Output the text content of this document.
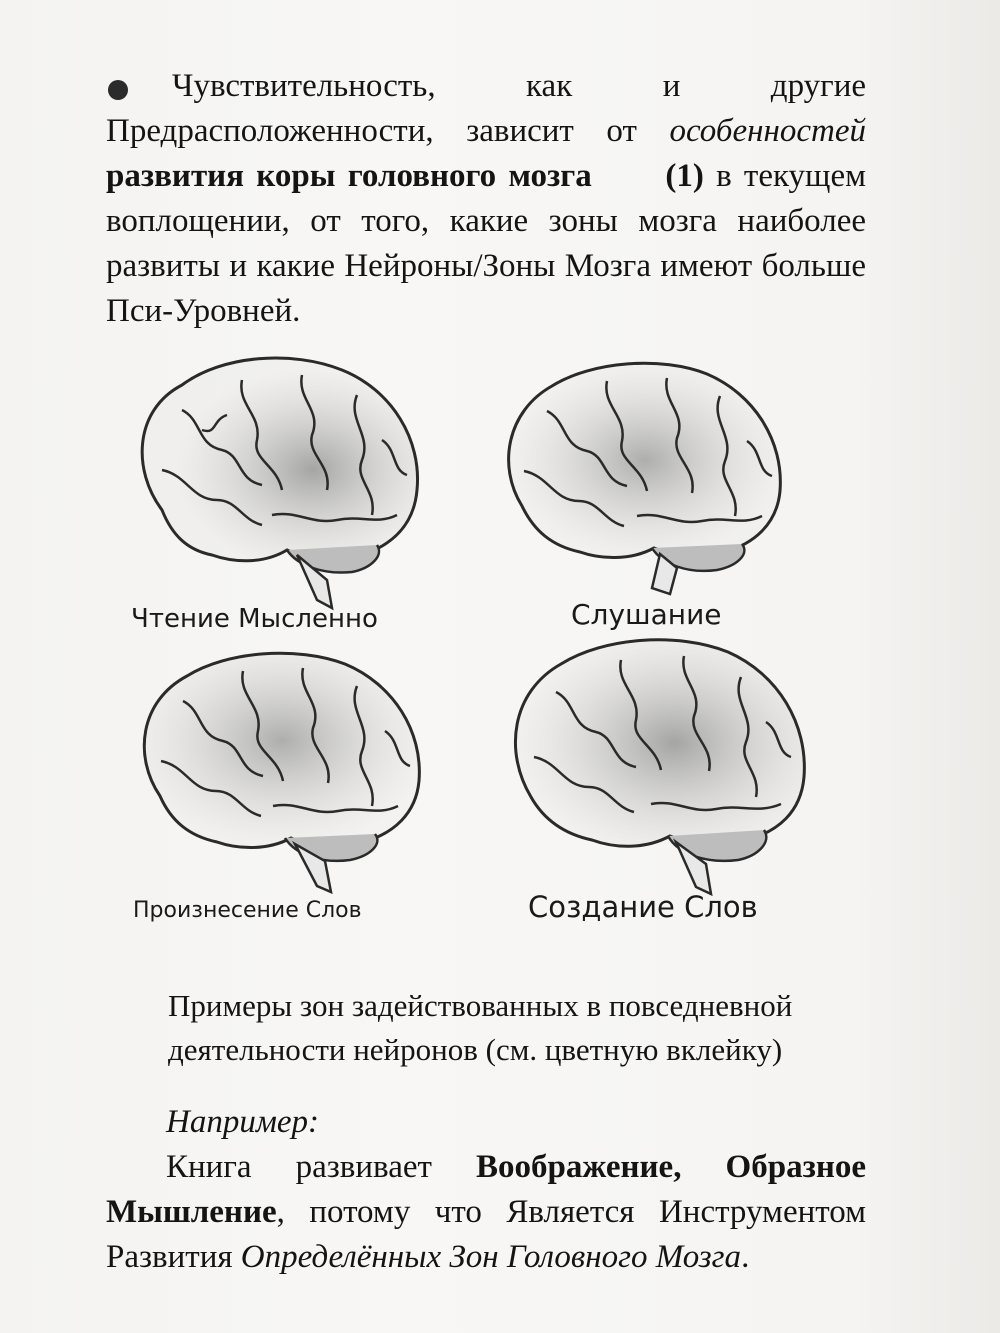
Чувствительность, как и другие Предрасположенности, зависит от особенностей развития коры головного мозга (1) в текущем воплощении, от того, какие зоны мозга наиболее развиты и какие Нейроны/Зоны Мозга имеют больше Пси-Уровней.
Чтение Мысленно	Слушание
Произнесение Слов	Создание Слов
Примеры зон задействованных в повседневной деятельности нейронов (см. цветную вклейку)
Например:
Книга развивает Воображение, Образное Мышление, потому что Является Инструментом Развития Определённых Зон Головного Мозга.
